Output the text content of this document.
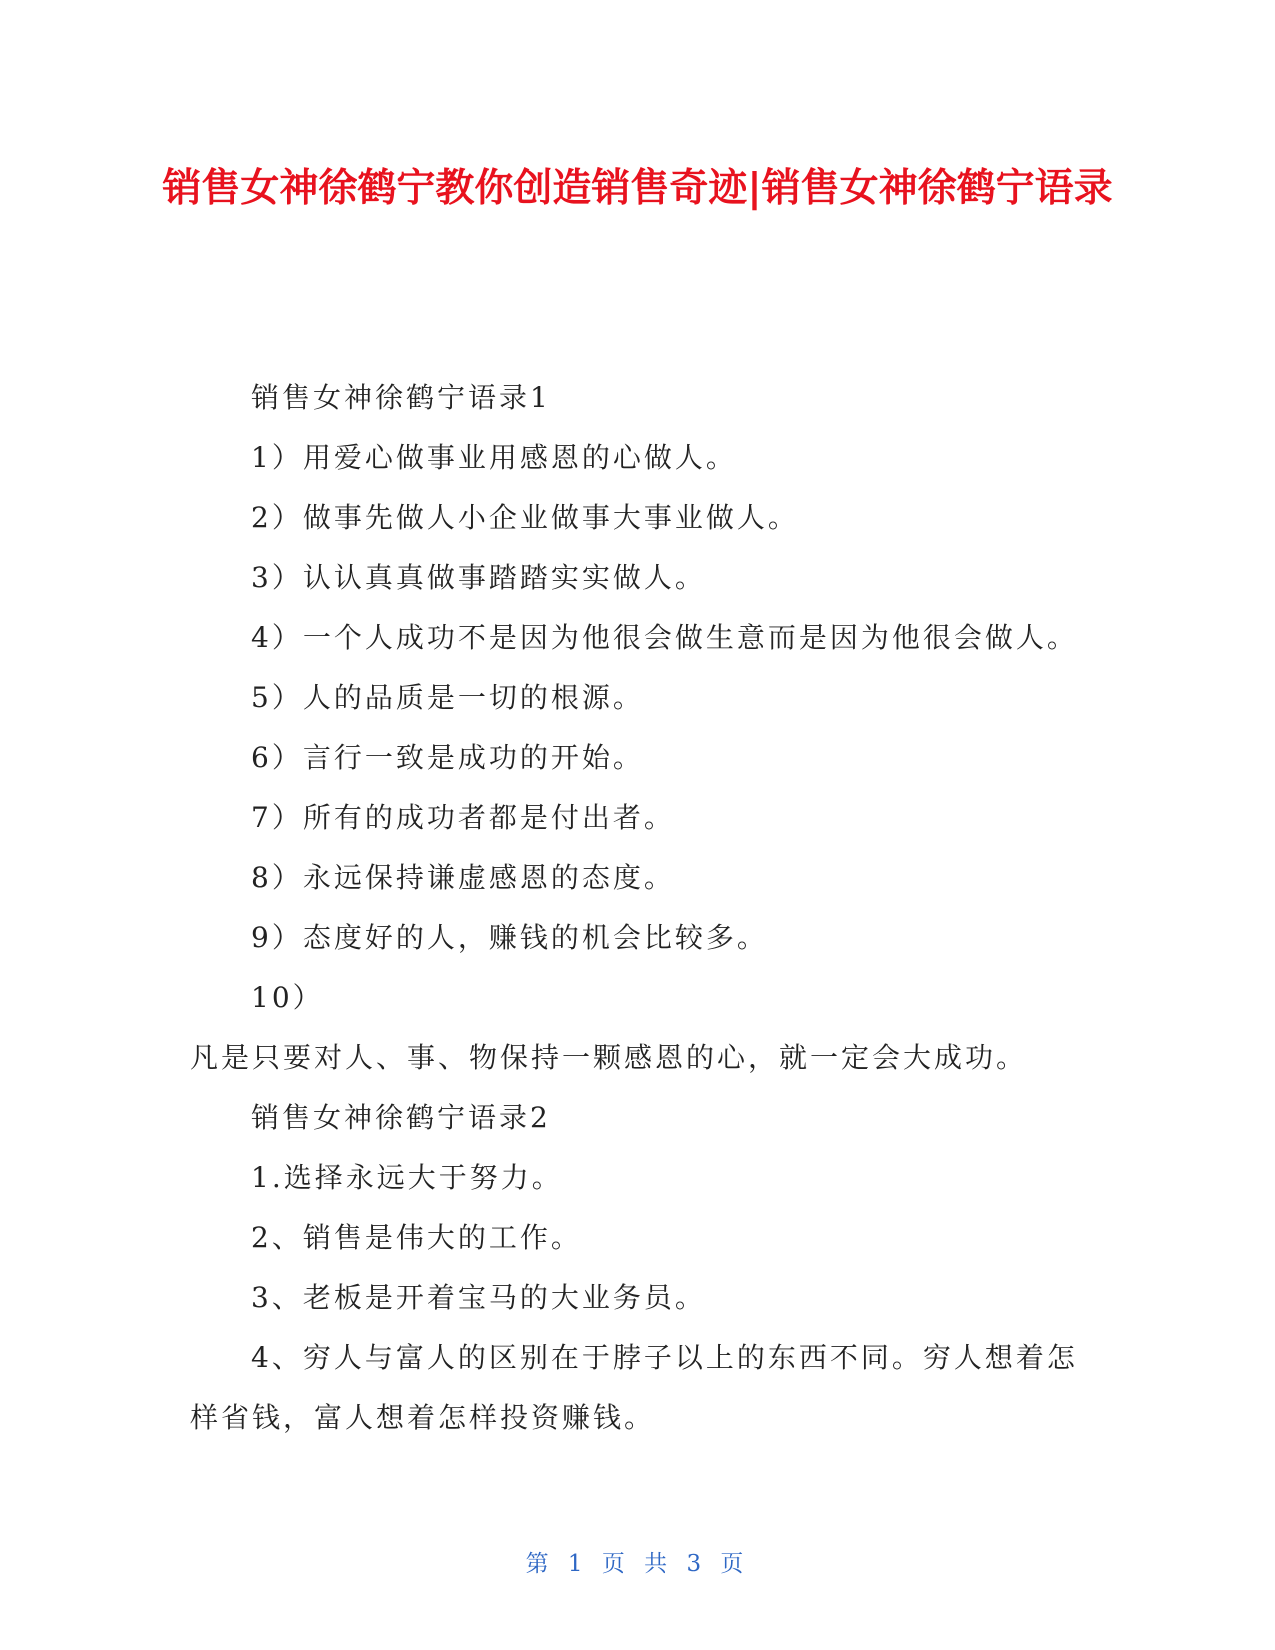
销售女神徐鹤宁教你创造销售奇迹|销售女神徐鹤宁语录
销售女神徐鹤宁语录1
1）用爱心做事业用感恩的心做人。
2）做事先做人小企业做事大事业做人。
3）认认真真做事踏踏实实做人。
4）一个人成功不是因为他很会做生意而是因为他很会做人。
5）人的品质是一切的根源。
6）言行一致是成功的开始。
7）所有的成功者都是付出者。
8）永远保持谦虚感恩的态度。
9）态度好的人，赚钱的机会比较多。
10）
凡是只要对人、事、物保持一颗感恩的心，就一定会大成功。
销售女神徐鹤宁语录2
1.选择永远大于努力。
2、销售是伟大的工作。
3、老板是开着宝马的大业务员。
4、穷人与富人的区别在于脖子以上的东西不同。穷人想着怎样省钱，富人想着怎样投资赚钱。
第 1 页 共 3 页
